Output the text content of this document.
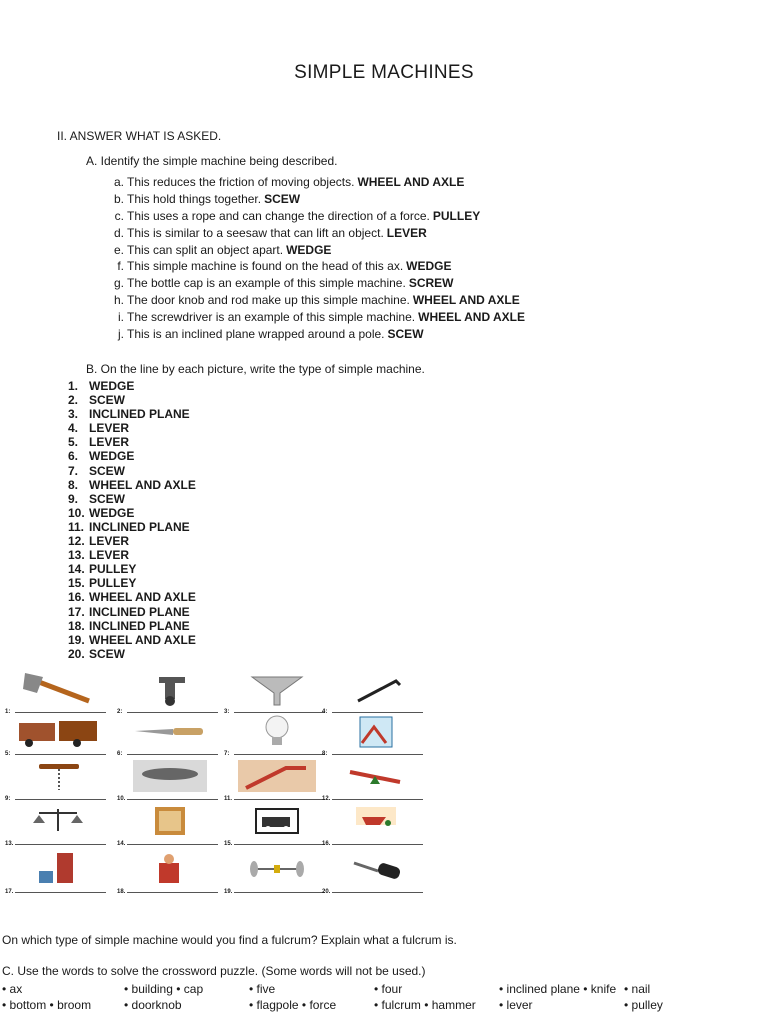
SIMPLE MACHINES
II. ANSWER WHAT IS ASKED.
A. Identify the simple machine being described.
a. This reduces the friction of moving objects. WHEEL AND AXLE
b. This hold things together. SCEW
c. This uses a rope and can change the direction of a force. PULLEY
d. This is similar to a seesaw that can lift an object. LEVER
e. This can split an object apart. WEDGE
f. This simple machine is found on the head of this ax. WEDGE
g. The bottle cap is an example of this simple machine. SCREW
h. The door knob and rod make up this simple machine. WHEEL AND AXLE
i. The screwdriver is an example of this simple machine. WHEEL AND AXLE
j. This is an inclined plane wrapped around a pole. SCEW
B. On the line by each picture, write the type of simple machine.
1. WEDGE
2. SCEW
3. INCLINED PLANE
4. LEVER
5. LEVER
6. WEDGE
7. SCEW
8. WHEEL AND AXLE
9. SCEW
10. WEDGE
11. INCLINED PLANE
12. LEVER
13. LEVER
14. PULLEY
15. PULLEY
16. WHEEL AND AXLE
17. INCLINED PLANE
18. INCLINED PLANE
19. WHEEL AND AXLE
20. SCEW
1:	2:	3:	4:
5:	6:	7:	8:
9:	10.	11.	12.
13.	14.	15.	16.
17.	18.	19.	20.
On which type of simple machine would you find a fulcrum? Explain what a fulcrum is.
C. Use the words to solve the crossword puzzle. (Some words will not be used.)
• ax	• building • cap	• five	• four	• inclined plane • knife • nail
• bottom • broom	• doorknob	• flagpole • force	• fulcrum • hammer • lever	• pulley
